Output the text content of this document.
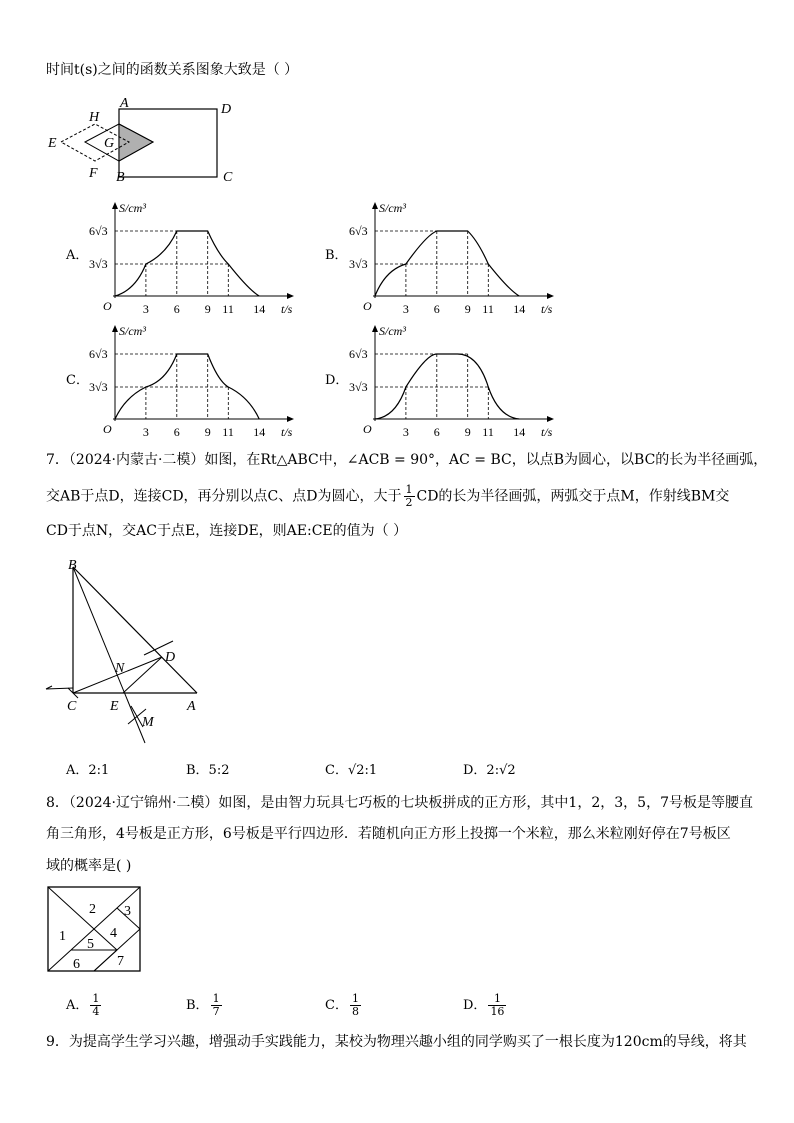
时间t(s)之间的函数关系图象大致是（ ）
A	D
C
B
E
H
F
G
A．	B．
C．	D．
S/cm³
t/s
O
6√3
3√3
3 6 9 11 14
S/cm³
t/s
O
6√3
3√3
3 6 9 11 14
S/cm³
t/s
O
6√3
3√3
3 6 9 11 14
S/cm³
t/s
O
6√3
3√3
3 6 9 11 14
7．（2024·内蒙古·二模）如图，在Rt△ABC中，∠ACB = 90°，AC = BC，以点B为圆心，以BC的长为半径画弧，
交AB于点D，连接CD，再分别以点C、点D为圆心，大于 $\frac{1}{2}$ CD的长为半径画弧，两弧交于点M，作射线BM交
CD于点N，交AC于点E，连接DE，则AE:CE的值为（ ）
B
N
D
C E	A
M
A．2:1	B．5:2	C．√2:1	D．2:√2
8．（2024·辽宁锦州·二模）如图，是由智力玩具七巧板的七块板拼成的正方形，其中1，2，3，5，7号板是等腰直
角三角形，4号板是正方形，6号板是平行四边形．若随机向正方形上投掷一个米粒，那么米粒刚好停在7号板区
域的概率是( )
2 3
1	4
5
6	7
A． $\frac{1}{4}$	B． $\frac{1}{7}$	C． $\frac{1}{8}$	D． $\frac{1}{16}$
9．为提高学生学习兴趣，增强动手实践能力，某校为物理兴趣小组的同学购买了一根长度为120cm的导线，将其
